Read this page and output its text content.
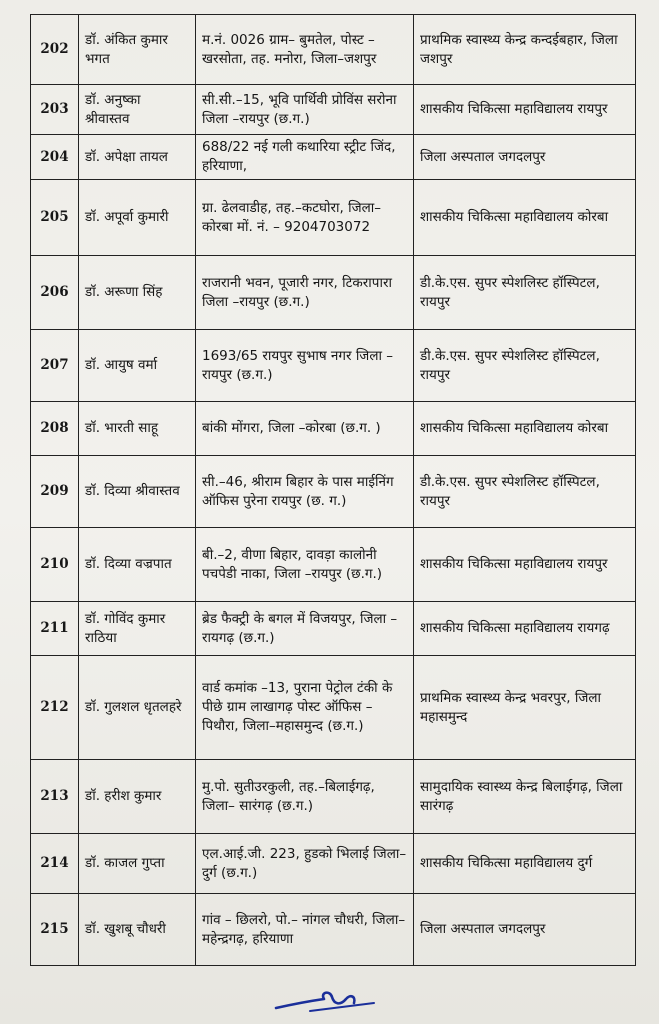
202	डॉ. अंकित कुमार भगत	म.नं. 0026 ग्राम– बुमतेल, पोस्ट – खरसोता, तह. मनोरा, जिला–जशपुर	प्राथमिक स्वास्थ्य केन्द्र कन्दईबहार, जिला जशपुर
203	डॉ. अनुष्का श्रीवास्तव	सी.सी.–15, भूवि पार्थिवी प्रोविंस सरोना जिला –रायपुर (छ.ग.)	शासकीय चिकित्सा महाविद्यालय रायपुर
204	डॉ. अपेक्षा तायल	688/22 नई गली कथारिया स्ट्रीट जिंद, हरियाणा,	जिला अस्पताल जगदलपुर
205	डॉ. अपूर्वा कुमारी	ग्रा. ढेलवाडीह, तह.–कटघोरा, जिला–कोरबा मों. नं. – 9204703072	शासकीय चिकित्सा महाविद्यालय कोरबा
206	डॉ. अरूणा सिंह	राजरानी भवन, पूजारी नगर, टिकरापारा जिला –रायपुर (छ.ग.)	डी.के.एस. सुपर स्पेशलिस्ट हॉस्पिटल, रायपुर
207	डॉ. आयुष वर्मा	1693/65 रायपुर सुभाष नगर जिला –रायपुर (छ.ग.)	डी.के.एस. सुपर स्पेशलिस्ट हॉस्पिटल, रायपुर
208	डॉ. भारती साहू	बांकी मोंगरा, जिला –कोरबा (छ.ग. )	शासकीय चिकित्सा महाविद्यालय कोरबा
209	डॉ. दिव्या श्रीवास्तव	सी.–46, श्रीराम बिहार के पास माईनिंग ऑफिस पुरेना रायपुर (छ. ग.)	डी.के.एस. सुपर स्पेशलिस्ट हॉस्पिटल, रायपुर
210	डॉ. दिव्या वज्रपात	बी.–2, वीणा बिहार, दावड़ा कालोनी पचपेडी नाका, जिला –रायपुर (छ.ग.)	शासकीय चिकित्सा महाविद्यालय रायपुर
211	डॉ. गोविंद कुमार राठिया	ब्रेड फैक्ट्री के बगल में विजयपुर, जिला –रायगढ़ (छ.ग.)	शासकीय चिकित्सा महाविद्यालय रायगढ़
212	डॉ. गुलशल धृतलहरे	वार्ड कमांक –13, पुराना पेट्रोल टंकी के पीछे ग्राम लाखागढ़ पोस्ट ऑफिस – पिथौरा, जिला–महासमुन्द (छ.ग.)	प्राथमिक स्वास्थ्य केन्द्र भवरपुर, जिला महासमुन्द
213	डॉ. हरीश कुमार	मु.पो. सुतीउरकुली, तह.–बिलाईगढ़, जिला– सारंगढ़ (छ.ग.)	सामुदायिक स्वास्थ्य केन्द्र बिलाईगढ़, जिला सारंगढ़
214	डॉ. काजल गुप्ता	एल.आई.जी. 223, हुडको भिलाई जिला–दुर्ग (छ.ग.)	शासकीय चिकित्सा महाविद्यालय दुर्ग
215	डॉ. खुशबू चौधरी	गांव – छिलरो, पो.– नांगल चौधरी, जिला– महेन्द्रगढ़, हरियाणा	जिला अस्पताल जगदलपुर
